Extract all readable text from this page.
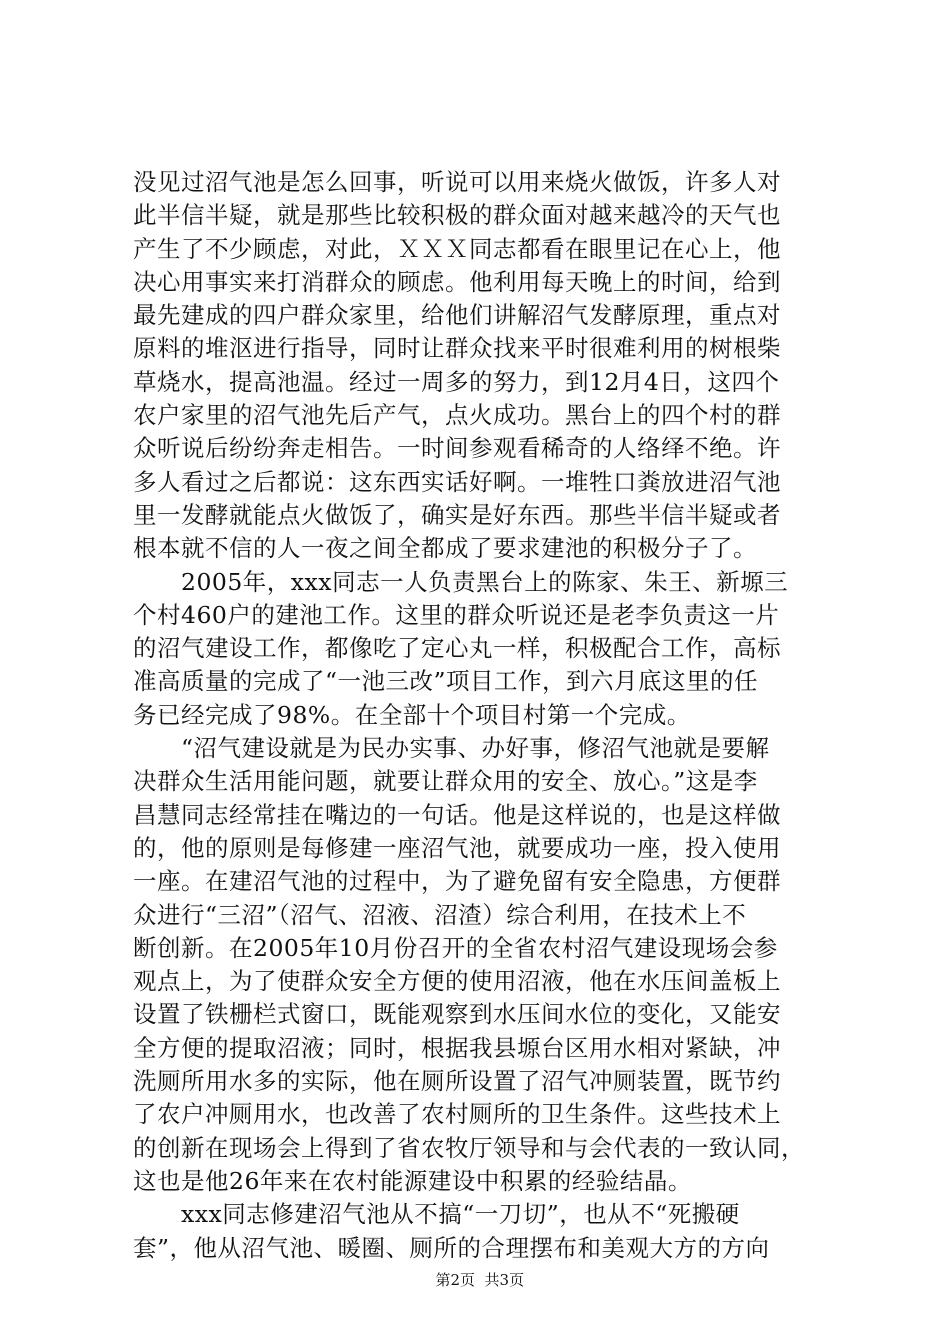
没见过沼气池是怎么回事，听说可以用来烧火做饭，许多人对
此半信半疑，就是那些比较积极的群众面对越来越冷的天气也
产生了不少顾虑，对此，ＸＸＸ同志都看在眼里记在心上，他
决心用事实来打消群众的顾虑。他利用每天晚上的时间，给到
最先建成的四户群众家里，给他们讲解沼气发酵原理，重点对
原料的堆沤进行指导，同时让群众找来平时很难利用的树根柴
草烧水，提高池温。经过一周多的努力，到12月4日，这四个
农户家里的沼气池先后产气，点火成功。黑台上的四个村的群
众听说后纷纷奔走相告。一时间参观看稀奇的人络绎不绝。许
多人看过之后都说：这东西实话好啊。一堆牲口粪放进沼气池
里一发酵就能点火做饭了，确实是好东西。那些半信半疑或者
根本就不信的人一夜之间全都成了要求建池的积极分子了。
2005年，xxx同志一人负责黑台上的陈家、朱王、新塬三
个村460户的建池工作。这里的群众听说还是老李负责这一片
的沼气建设工作，都像吃了定心丸一样，积极配合工作，高标
准高质量的完成了“一池三改”项目工作，到六月底这里的任
务已经完成了98%。在全部十个项目村第一个完成。
“沼气建设就是为民办实事、办好事，修沼气池就是要解
决群众生活用能问题，就要让群众用的安全、放心。”这是李
昌慧同志经常挂在嘴边的一句话。他是这样说的，也是这样做
的，他的原则是每修建一座沼气池，就要成功一座，投入使用
一座。在建沼气池的过程中，为了避免留有安全隐患，方便群
众进行“三沼”（沼气、沼液、沼渣）综合利用，在技术上不
断创新。在2005年10月份召开的全省农村沼气建设现场会参
观点上，为了使群众安全方便的使用沼液，他在水压间盖板上
设置了铁栅栏式窗口，既能观察到水压间水位的变化，又能安
全方便的提取沼液；同时，根据我县塬台区用水相对紧缺，冲
洗厕所用水多的实际，他在厕所设置了沼气冲厕装置，既节约
了农户冲厕用水，也改善了农村厕所的卫生条件。这些技术上
的创新在现场会上得到了省农牧厅领导和与会代表的一致认同，
这也是他26年来在农村能源建设中积累的经验结晶。
xxx同志修建沼气池从不搞“一刀切”，也从不“死搬硬
套”，他从沼气池、暖圈、厕所的合理摆布和美观大方的方向

第2页  共3页
